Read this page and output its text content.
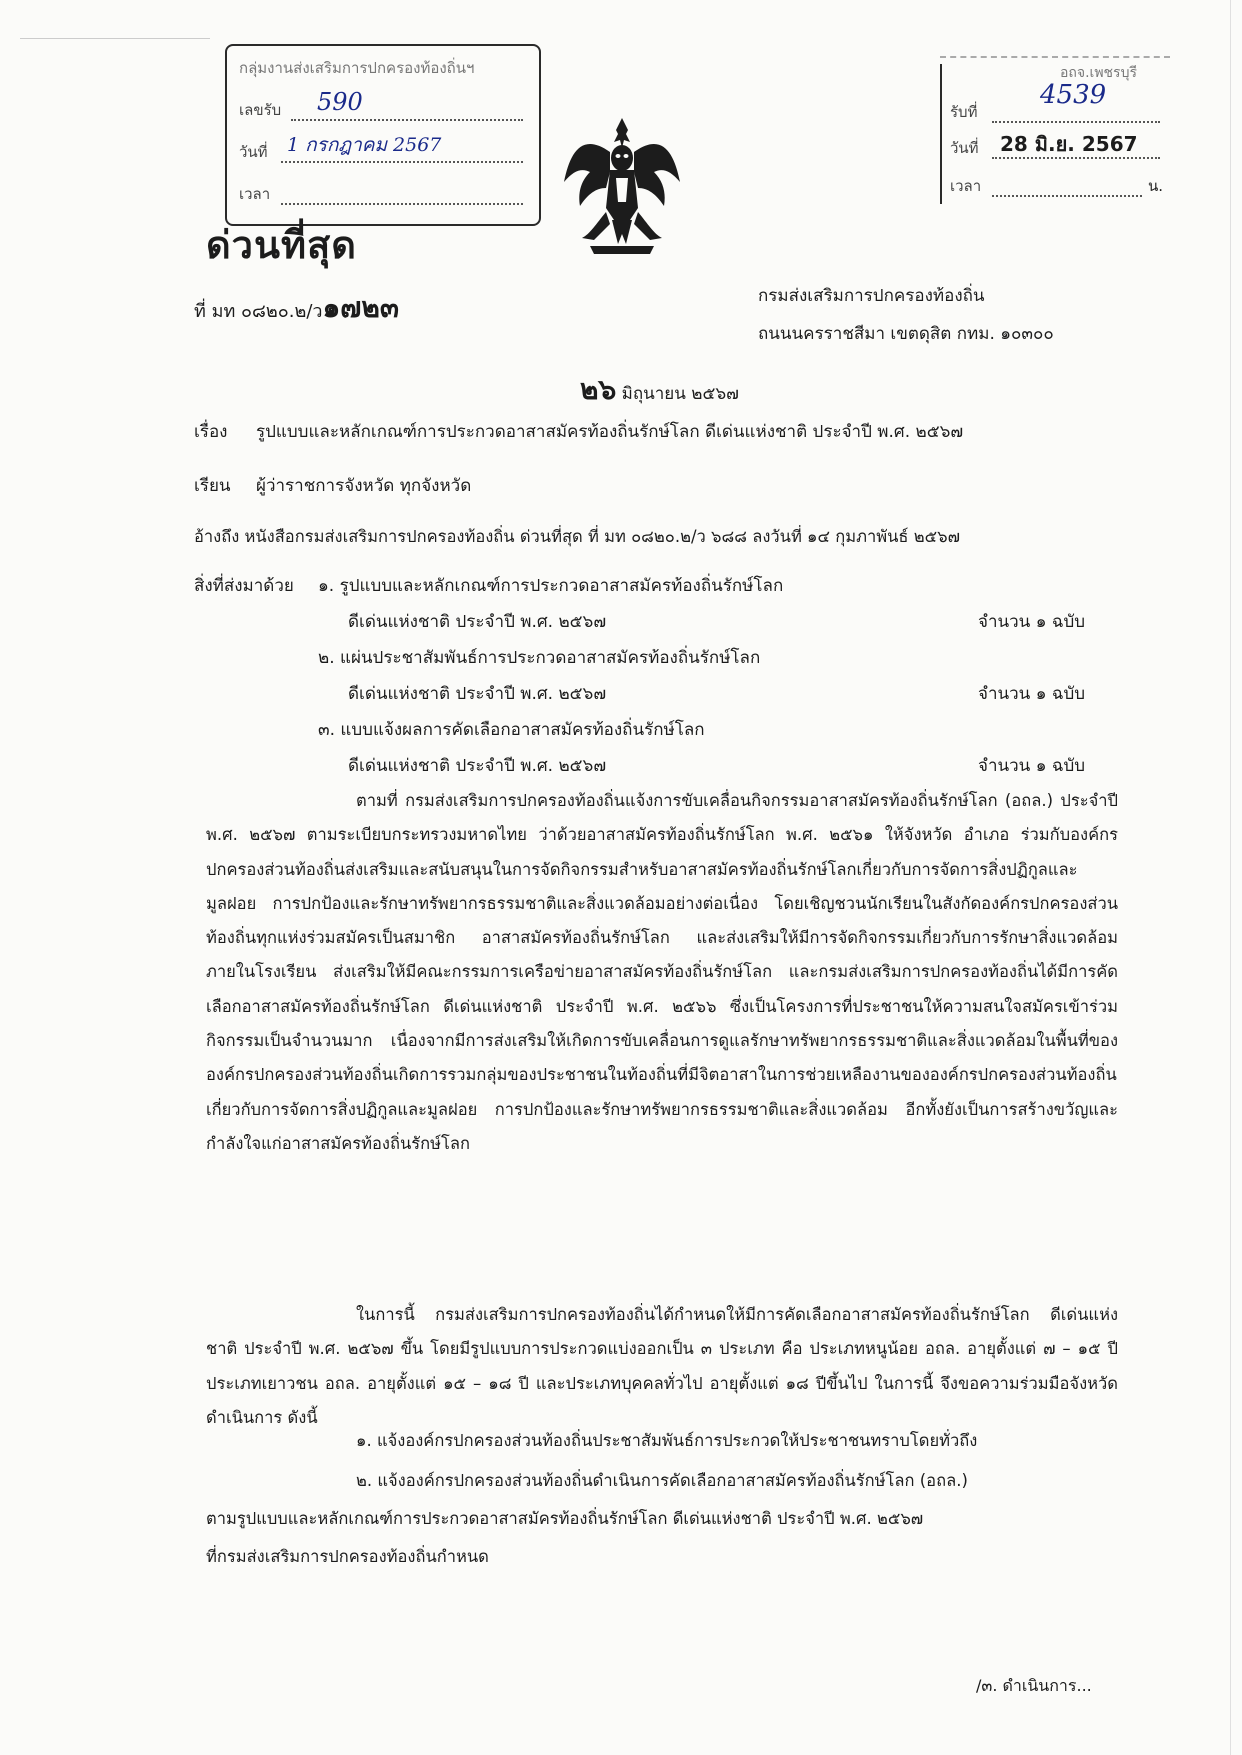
กลุ่มงานส่งเสริมการปกครองท้องถิ่นฯ
เลขรับ 590
วันที่ 1 กรกฎาคม 2567
เวลา
อถจ.เพชรบุรี
รับที่
4539
วันที่ 28 มิ.ย. 2567
เวลา	น.
ด่วนที่สุด
ที่ มท ๐๘๒๐.๒/ว๑๗๒๓	กรมส่งเสริมการปกครองท้องถิ่น
ถนนนครราชสีมา เขตดุสิต กทม. ๑๐๓๐๐
๒๖ มิถุนายน ๒๕๖๗
เรื่อง รูปแบบและหลักเกณฑ์การประกวดอาสาสมัครท้องถิ่นรักษ์โลก ดีเด่นแห่งชาติ ประจำปี พ.ศ. ๒๕๖๗
เรียน ผู้ว่าราชการจังหวัด ทุกจังหวัด
อ้างถึง หนังสือกรมส่งเสริมการปกครองท้องถิ่น ด่วนที่สุด ที่ มท ๐๘๒๐.๒/ว ๖๘๘ ลงวันที่ ๑๔ กุมภาพันธ์ ๒๕๖๗
สิ่งที่ส่งมาด้วย ๑. รูปแบบและหลักเกณฑ์การประกวดอาสาสมัครท้องถิ่นรักษ์โลก
ดีเด่นแห่งชาติ ประจำปี พ.ศ. ๒๕๖๗	จำนวน ๑ ฉบับ
๒. แผ่นประชาสัมพันธ์การประกวดอาสาสมัครท้องถิ่นรักษ์โลก
ดีเด่นแห่งชาติ ประจำปี พ.ศ. ๒๕๖๗	จำนวน ๑ ฉบับ
๓. แบบแจ้งผลการคัดเลือกอาสาสมัครท้องถิ่นรักษ์โลก
ดีเด่นแห่งชาติ ประจำปี พ.ศ. ๒๕๖๗	จำนวน ๑ ฉบับ
ตามที่ กรมส่งเสริมการปกครองท้องถิ่นแจ้งการขับเคลื่อนกิจกรรมอาสาสมัครท้องถิ่นรักษ์โลก (อถล.) ประจำปี พ.ศ. ๒๕๖๗ ตามระเบียบกระทรวงมหาดไทย ว่าด้วยอาสาสมัครท้องถิ่นรักษ์โลก พ.ศ. ๒๕๖๑ ให้จังหวัด อำเภอ ร่วมกับองค์กรปกครองส่วนท้องถิ่นส่งเสริมและสนับสนุนในการจัดกิจกรรมสำหรับอาสาสมัครท้องถิ่นรักษ์โลกเกี่ยวกับการจัดการสิ่งปฏิกูลและมูลฝอย การปกป้องและรักษาทรัพยากรธรรมชาติและสิ่งแวดล้อมอย่างต่อเนื่อง โดยเชิญชวนนักเรียนในสังกัดองค์กรปกครองส่วนท้องถิ่นทุกแห่งร่วมสมัครเป็นสมาชิก อาสาสมัครท้องถิ่นรักษ์โลก และส่งเสริมให้มีการจัดกิจกรรมเกี่ยวกับการรักษาสิ่งแวดล้อมภายในโรงเรียน ส่งเสริมให้มีคณะกรรมการเครือข่ายอาสาสมัครท้องถิ่นรักษ์โลก และกรมส่งเสริมการปกครองท้องถิ่นได้มีการคัดเลือกอาสาสมัครท้องถิ่นรักษ์โลก ดีเด่นแห่งชาติ ประจำปี พ.ศ. ๒๕๖๖ ซึ่งเป็นโครงการที่ประชาชนให้ความสนใจสมัครเข้าร่วมกิจกรรมเป็นจำนวนมาก เนื่องจากมีการส่งเสริมให้เกิดการขับเคลื่อนการดูแลรักษาทรัพยากรธรรมชาติและสิ่งแวดล้อมในพื้นที่ขององค์กรปกครองส่วนท้องถิ่นเกิดการรวมกลุ่มของประชาชนในท้องถิ่นที่มีจิตอาสาในการช่วยเหลืองานขององค์กรปกครองส่วนท้องถิ่น เกี่ยวกับการจัดการสิ่งปฏิกูลและมูลฝอย การปกป้องและรักษาทรัพยากรธรรมชาติและสิ่งแวดล้อม อีกทั้งยังเป็นการสร้างขวัญและกำลังใจแก่อาสาสมัครท้องถิ่นรักษ์โลก
ในการนี้ กรมส่งเสริมการปกครองท้องถิ่นได้กำหนดให้มีการคัดเลือกอาสาสมัครท้องถิ่นรักษ์โลก ดีเด่นแห่งชาติ ประจำปี พ.ศ. ๒๕๖๗ ขึ้น โดยมีรูปแบบการประกวดแบ่งออกเป็น ๓ ประเภท คือ ประเภทหนูน้อย อถล. อายุตั้งแต่ ๗ – ๑๕ ปี ประเภทเยาวชน อถล. อายุตั้งแต่ ๑๕ – ๑๘ ปี และประเภทบุคคลทั่วไป อายุตั้งแต่ ๑๘ ปีขึ้นไป ในการนี้ จึงขอความร่วมมือจังหวัดดำเนินการ ดังนี้
๑. แจ้งองค์กรปกครองส่วนท้องถิ่นประชาสัมพันธ์การประกวดให้ประชาชนทราบโดยทั่วถึง
๒. แจ้งองค์กรปกครองส่วนท้องถิ่นดำเนินการคัดเลือกอาสาสมัครท้องถิ่นรักษ์โลก (อถล.)
ตามรูปแบบและหลักเกณฑ์การประกวดอาสาสมัครท้องถิ่นรักษ์โลก ดีเด่นแห่งชาติ ประจำปี พ.ศ. ๒๕๖๗
ที่กรมส่งเสริมการปกครองท้องถิ่นกำหนด
/๓. ดำเนินการ...
